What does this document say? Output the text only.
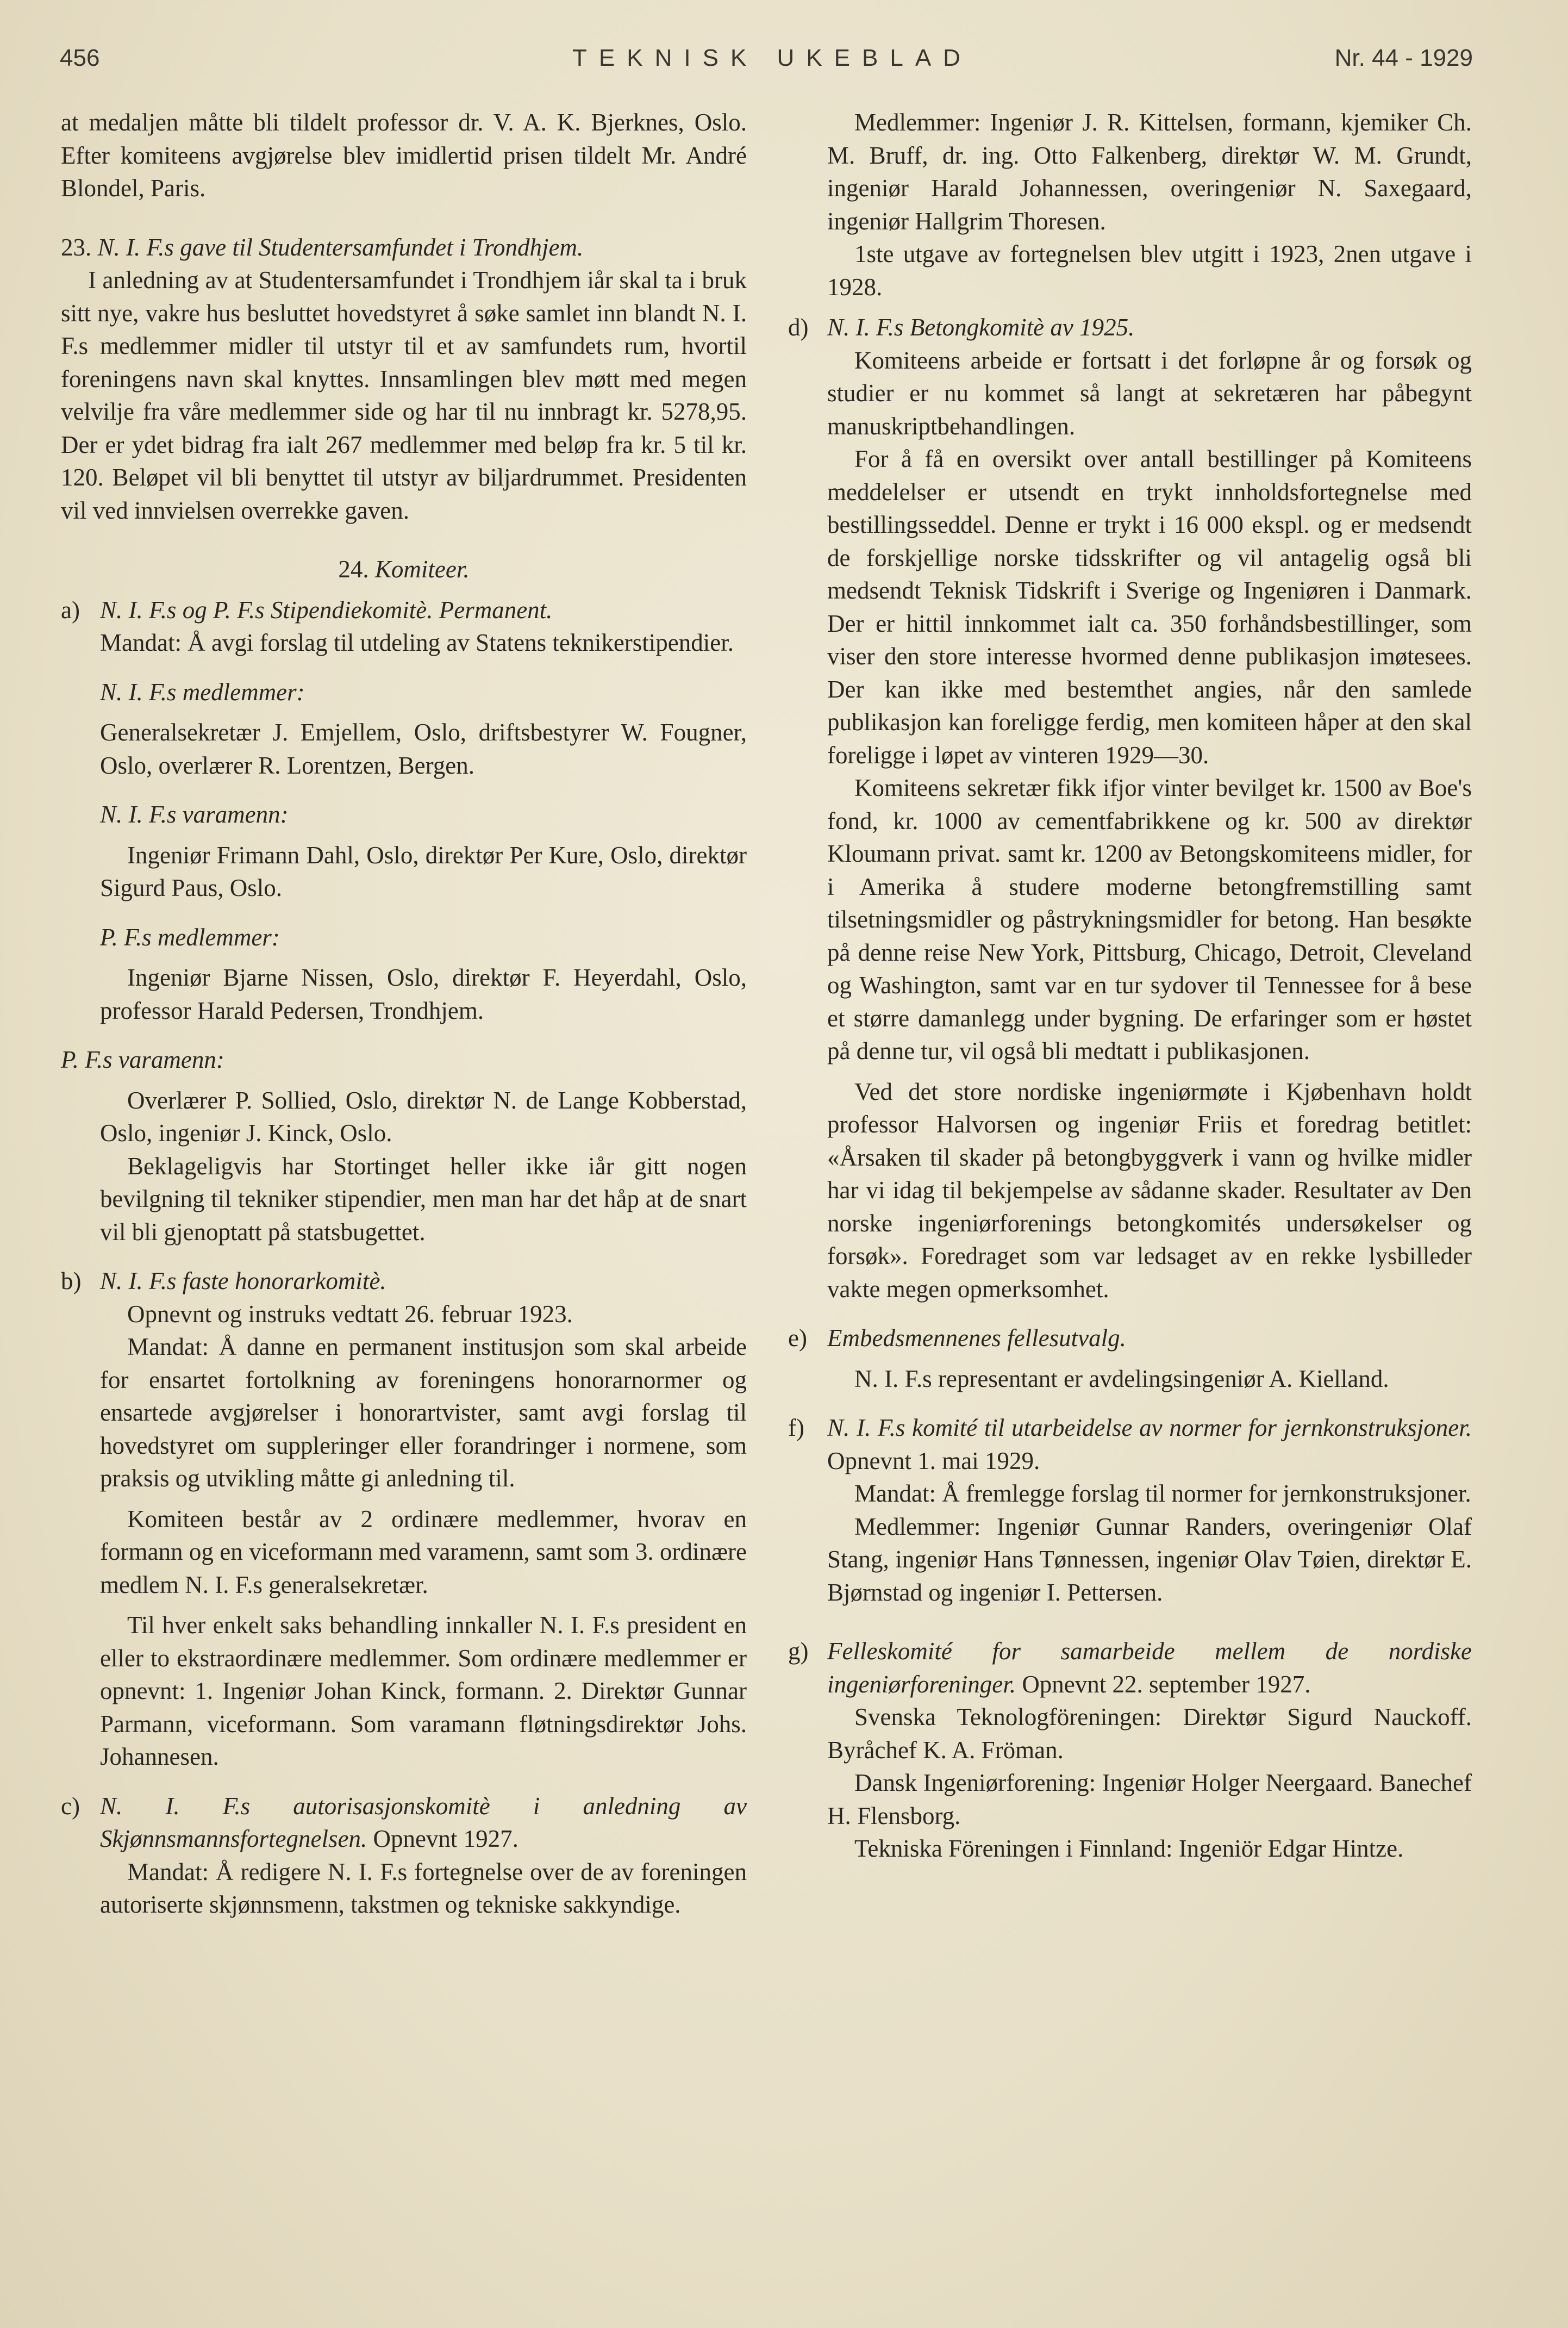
456	TEKNISK UKEBLAD	Nr. 44 - 1929

at medaljen måtte bli tildelt professor dr. V. A. K. Bjerknes, Oslo. Efter komiteens avgjørelse blev imidlertid prisen tildelt Mr. André Blondel, Paris.

23. N. I. F.s gave til Studentersamfundet i Trondhjem.

I anledning av at Studentersamfundet i Trondhjem iår skal ta i bruk sitt nye, vakre hus besluttet hovedstyret å søke samlet inn blandt N. I. F.s medlemmer midler til utstyr til et av samfundets rum, hvortil foreningens navn skal knyttes. Innsamlingen blev møtt med megen velvilje fra våre medlemmer side og har til nu innbragt kr. 5278,95. Der er ydet bidrag fra ialt 267 medlemmer med beløp fra kr. 5 til kr. 120. Beløpet vil bli benyttet til utstyr av biljardrummet. Presidenten vil ved innvielsen overrekke gaven.

24. Komiteer.

a) N. I. F.s og P. F.s Stipendiekomitè. Permanent.

Mandat: Å avgi forslag til utdeling av Statens teknikerstipendier.

N. I. F.s medlemmer:

Generalsekretær J. Emjellem, Oslo, driftsbestyrer W. Fougner, Oslo, overlærer R. Lorentzen, Bergen.

N. I. F.s varamenn:

Ingeniør Frimann Dahl, Oslo, direktør Per Kure, Oslo, direktør Sigurd Paus, Oslo.

P. F.s medlemmer:

Ingeniør Bjarne Nissen, Oslo, direktør F. Heyerdahl, Oslo, professor Harald Pedersen, Trondhjem.

P. F.s varamenn:

Overlærer P. Sollied, Oslo, direktør N. de Lange Kobberstad, Oslo, ingeniør J. Kinck, Oslo.

Beklageligvis har Stortinget heller ikke iår gitt nogen bevilgning til tekniker stipendier, men man har det håp at de snart vil bli gjenoptatt på statsbugettet.

b) N. I. F.s faste honorarkomitè.

Opnevnt og instruks vedtatt 26. februar 1923.

Mandat: Å danne en permanent institusjon som skal arbeide for ensartet fortolkning av foreningens honorarnormer og ensartede avgjørelser i honorartvister, samt avgi forslag til hovedstyret om suppleringer eller forandringer i normene, som praksis og utvikling måtte gi anledning til.

Komiteen består av 2 ordinære medlemmer, hvorav en formann og en viceformann med varamenn, samt som 3. ordinære medlem N. I. F.s generalsekretær.

Til hver enkelt saks behandling innkaller N. I. F.s president en eller to ekstraordinære medlemmer. Som ordinære medlemmer er opnevnt: 1. Ingeniør Johan Kinck, formann. 2. Direktør Gunnar Parmann, viceformann. Som varamann fløtningsdirektør Johs. Johannesen.

c) N. I. F.s autorisasjonskomitè i anledning av Skjønnsmannsfortegnelsen. Opnevnt 1927.

Mandat: Å redigere N. I. F.s fortegnelse over de av foreningen autoriserte skjønnsmenn, takstmen og tekniske sakkyndige.

Medlemmer: Ingeniør J. R. Kittelsen, formann, kjemiker Ch. M. Bruff, dr. ing. Otto Falkenberg, direktør W. M. Grundt, ingeniør Harald Johannessen, overingeniør N. Saxegaard, ingeniør Hallgrim Thoresen.

1ste utgave av fortegnelsen blev utgitt i 1923, 2nen utgave i 1928.

d) N. I. F.s Betongkomitè av 1925.

Komiteens arbeide er fortsatt i det forløpne år og forsøk og studier er nu kommet så langt at sekretæren har påbegynt manuskriptbehandlingen.

For å få en oversikt over antall bestillinger på Komiteens meddelelser er utsendt en trykt innholdsfortegnelse med bestillingsseddel. Denne er trykt i 16 000 ekspl. og er medsendt de forskjellige norske tidsskrifter og vil antagelig også bli medsendt Teknisk Tidskrift i Sverige og Ingeniøren i Danmark. Der er hittil innkommet ialt ca. 350 forhåndsbestillinger, som viser den store interesse hvormed denne publikasjon imøtesees. Der kan ikke med bestemthet angies, når den samlede publikasjon kan foreligge ferdig, men komiteen håper at den skal foreligge i løpet av vinteren 1929—30.

Komiteens sekretær fikk ifjor vinter bevilget kr. 1500 av Boe's fond, kr. 1000 av cementfabrikkene og kr. 500 av direktør Kloumann privat. samt kr. 1200 av Betongskomiteens midler, for i Amerika å studere moderne betongfremstilling samt tilsetningsmidler og påstrykningsmidler for betong. Han besøkte på denne reise New York, Pittsburg, Chicago, Detroit, Cleveland og Washington, samt var en tur sydover til Tennessee for å bese et større damanlegg under bygning. De erfaringer som er høstet på denne tur, vil også bli medtatt i publikasjonen.

Ved det store nordiske ingeniørmøte i Kjøbenhavn holdt professor Halvorsen og ingeniør Friis et foredrag betitlet: «Årsaken til skader på betongbyggverk i vann og hvilke midler har vi idag til bekjempelse av sådanne skader. Resultater av Den norske ingeniørforenings betongkomités undersøkelser og forsøk». Foredraget som var ledsaget av en rekke lysbilleder vakte megen opmerksomhet.

e) Embedsmennenes fellesutvalg.

N. I. F.s representant er avdelingsingeniør A. Kielland.

f) N. I. F.s komité til utarbeidelse av normer for jernkonstruksjoner. Opnevnt 1. mai 1929.

Mandat: Å fremlegge forslag til normer for jernkonstruksjoner.

Medlemmer: Ingeniør Gunnar Randers, overingeniør Olaf Stang, ingeniør Hans Tønnessen, ingeniør Olav Tøien, direktør E. Bjørnstad og ingeniør I. Pettersen.

g) Felleskomité for samarbeide mellem de nordiske ingeniørforeninger. Opnevnt 22. september 1927.

Svenska Teknologföreningen: Direktør Sigurd Nauckoff. Byråchef K. A. Fröman.

Dansk Ingeniørforening: Ingeniør Holger Neergaard. Banechef H. Flensborg.

Tekniska Föreningen i Finnland: Ingeniör Edgar Hintze.
